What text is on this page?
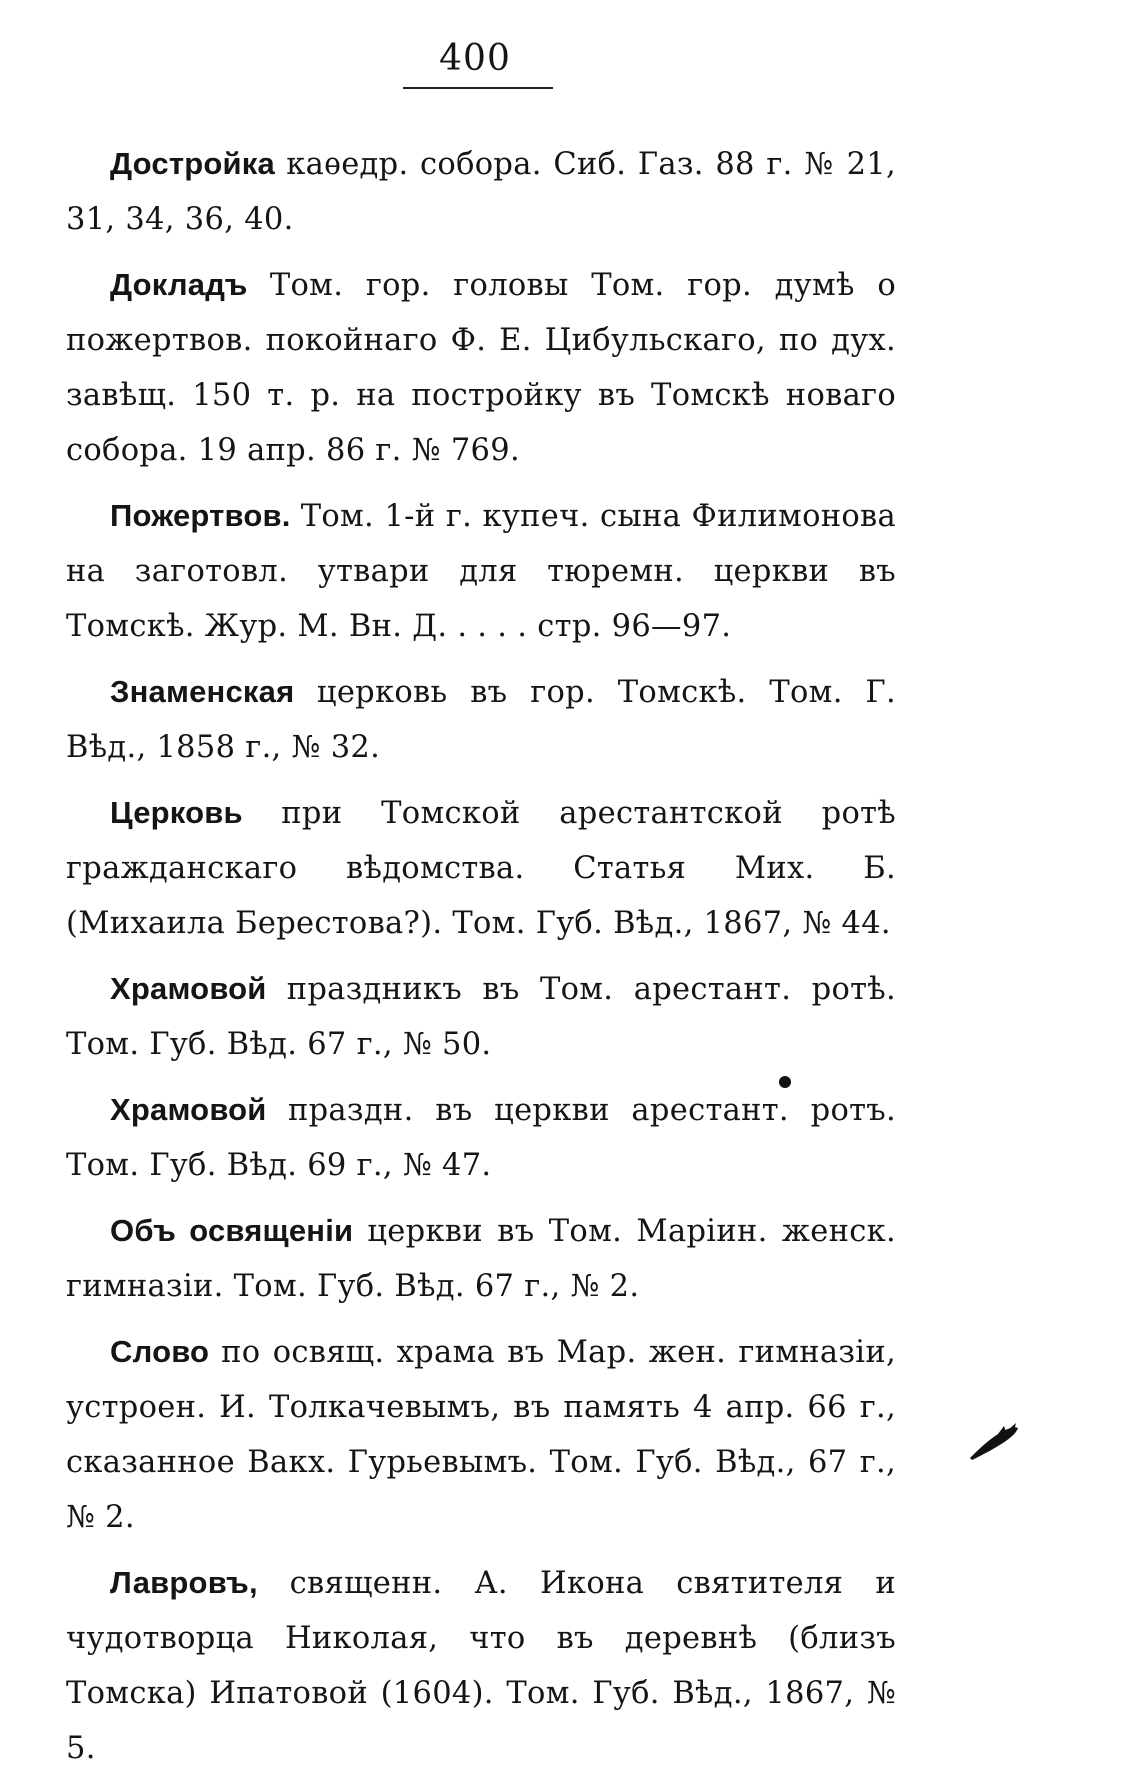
400

Достройка каѳедр. собора. Сиб. Газ. 88 г. № 21, 31, 34, 36, 40.

Докладъ Том. гор. головы Том. гор. думѣ о пожертвов. покойнаго Ф. Е. Цибульскаго, по дух. завѣщ. 150 т. р. на постройку въ Томскѣ новаго собора. 19 апр. 86 г. № 769.

Пожертвов. Том. 1-й г. купеч. сына Филимонова на заготовл. утвари для тюремн. церкви въ Томскѣ. Жур. М. Вн. Д. . . . . стр. 96—97.

Знаменская церковь въ гор. Томскѣ. Том. Г. Вѣд., 1858 г., № 32.

Церковь при Томской арестантской ротѣ гражданскаго вѣдомства. Статья Мих. Б. (Михаила Берестова?). Том. Губ. Вѣд., 1867, № 44.

Храмовой праздникъ въ Том. арестант. ротѣ. Том. Губ. Вѣд. 67 г., № 50.

Храмовой праздн. въ церкви арестант. ротъ. Том. Губ. Вѣд. 69 г., № 47.

Объ освященіи церкви въ Том. Маріин. женск. гимназіи. Том. Губ. Вѣд. 67 г., № 2.

Слово по освящ. храма въ Мар. жен. гимназіи, устроен. И. Толкачевымъ, въ память 4 апр. 66 г., сказанное Вакх. Гурьевымъ. Том. Губ. Вѣд., 67 г., № 2.

Лавровъ, священн. А. Икона святителя и чудотворца Николая, что въ деревнѣ (близъ Томска) Ипатовой (1604). Том. Губ. Вѣд., 1867, № 5.
